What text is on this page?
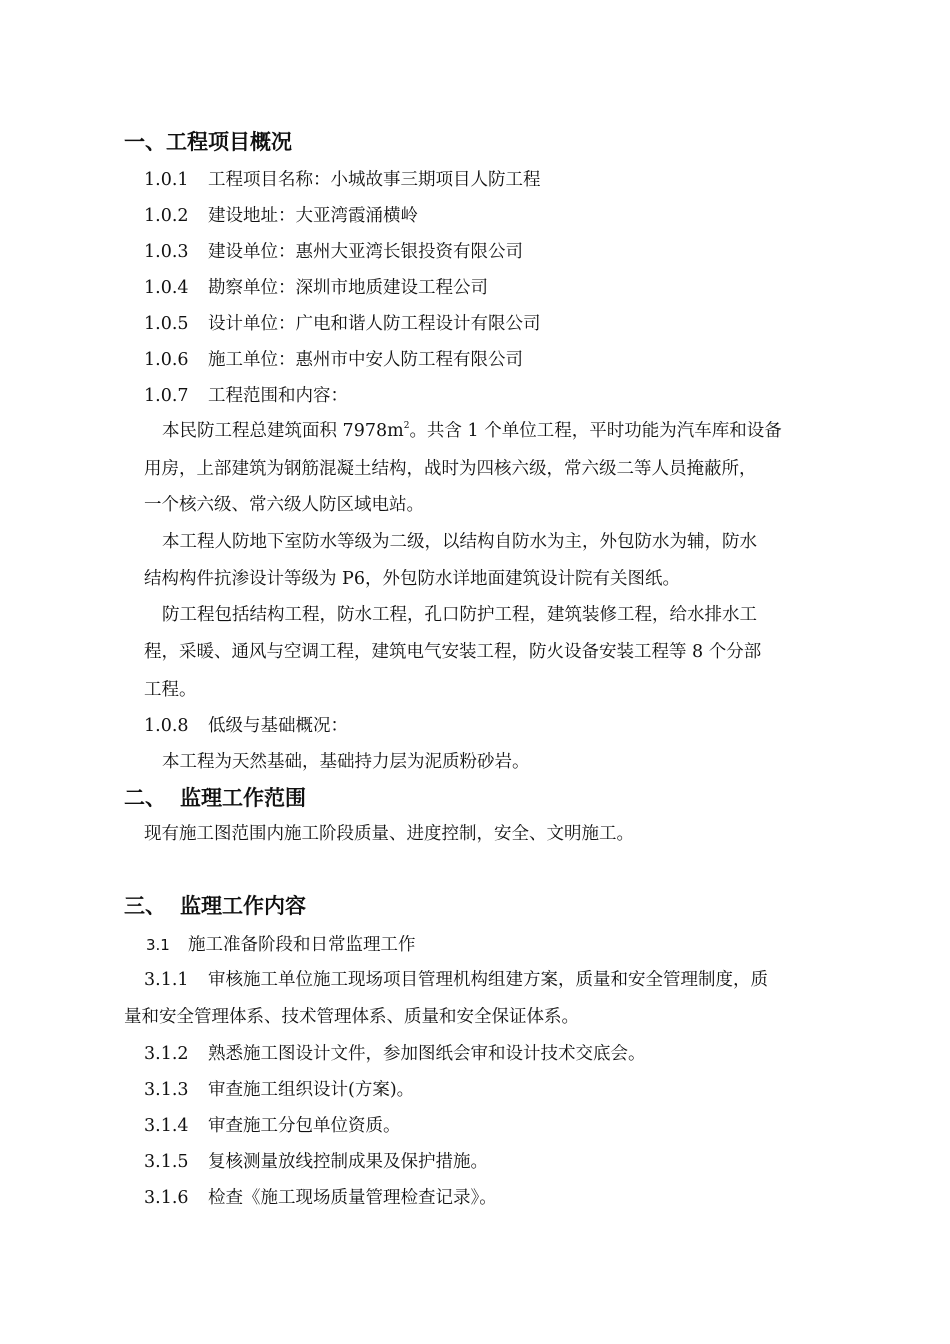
一、工程项目概况
1.0.1 工程项目名称：小城故事三期项目人防工程
1.0.2 建设地址：大亚湾霞涌横岭
1.0.3 建设单位：惠州大亚湾长银投资有限公司
1.0.4 勘察单位：深圳市地质建设工程公司
1.0.5 设计单位：广电和谐人防工程设计有限公司
1.0.6 施工单位：惠州市中安人防工程有限公司
1.0.7 工程范围和内容：
本民防工程总建筑面积 $7978m^2$。共含 1 个单位工程，平时功能为汽车库和设备
用房，上部建筑为钢筋混凝土结构，战时为四核六级，常六级二等人员掩蔽所，
一个核六级、常六级人防区域电站。
本工程人防地下室防水等级为二级，以结构自防水为主，外包防水为辅，防水
结构构件抗渗设计等级为 P6，外包防水详地面建筑设计院有关图纸。
防工程包括结构工程，防水工程，孔口防护工程，建筑装修工程，给水排水工
程，采暖、通风与空调工程，建筑电气安装工程，防火设备安装工程等 8 个分部
工程。
1.0.8 低级与基础概况：
本工程为天然基础，基础持力层为泥质粉砂岩。
二、 监理工作范围
现有施工图范围内施工阶段质量、进度控制，安全、文明施工。
三、 监理工作内容
3.1 施工准备阶段和日常监理工作
3.1.1 审核施工单位施工现场项目管理机构组建方案，质量和安全管理制度，质
量和安全管理体系、技术管理体系、质量和安全保证体系。
3.1.2 熟悉施工图设计文件，参加图纸会审和设计技术交底会。
3.1.3 审查施工组织设计(方案)。
3.1.4 审查施工分包单位资质。
3.1.5 复核测量放线控制成果及保护措施。
3.1.6 检查《施工现场质量管理检查记录》。
